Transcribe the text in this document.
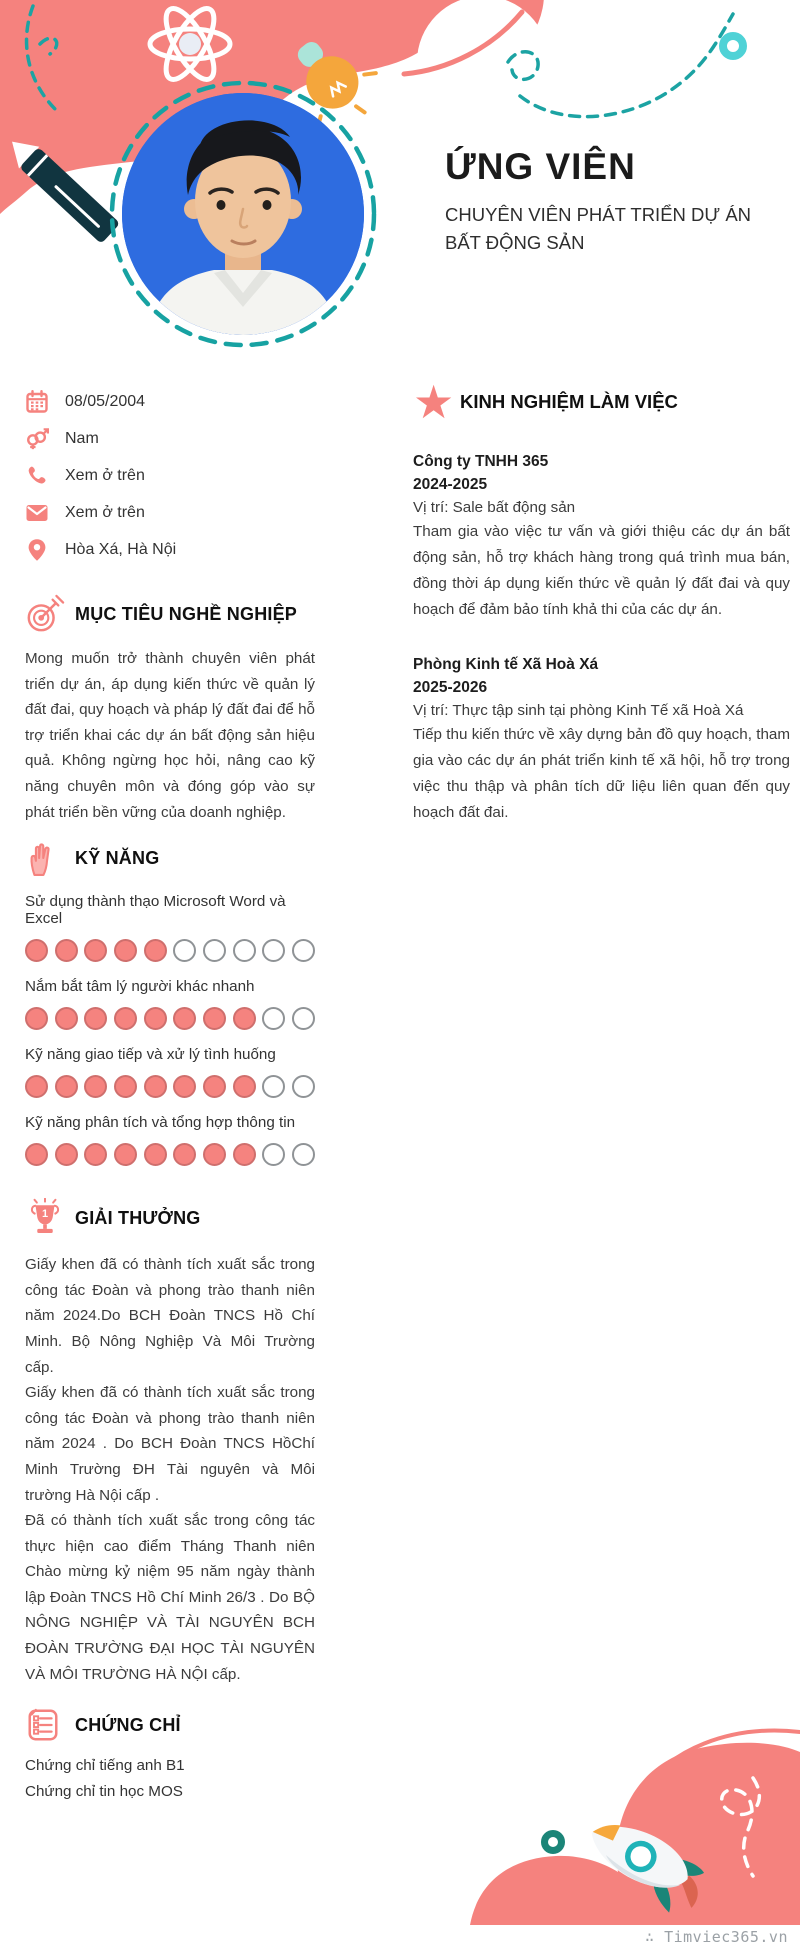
ỨNG VIÊN
CHUYÊN VIÊN PHÁT TRIỂN DỰ ÁN BẤT ĐỘNG SẢN
08/05/2004
Nam
Xem ở trên
Xem ở trên
Hòa Xá, Hà Nội
MỤC TIÊU NGHỀ NGHIỆP
Mong muốn trở thành chuyên viên phát triển dự án, áp dụng kiến thức về quản lý đất đai, quy hoạch và pháp lý đất đai để hỗ trợ triển khai các dự án bất động sản hiệu quả. Không ngừng học hỏi, nâng cao kỹ năng chuyên môn và đóng góp vào sự phát triển bền vững của doanh nghiệp.
KỸ NĂNG
Sử dụng thành thạo Microsoft Word và Excel
Nắm bắt tâm lý người khác nhanh
Kỹ năng giao tiếp và xử lý tình huống
Kỹ năng phân tích và tổng hợp thông tin
1 GIẢI THƯỞNG
Giấy khen đã có thành tích xuất sắc trong công tác Đoàn và phong trào thanh niên năm 2024.Do BCH Đoàn TNCS Hồ Chí Minh. Bộ Nông Nghiệp Và Môi Trường cấp.
Giấy khen đã có thành tích xuất sắc trong công tác Đoàn và phong trào thanh niên năm 2024 . Do BCH Đoàn TNCS HồChí Minh Trường ĐH Tài nguyên và Môi trường Hà Nội cấp .
Đã có thành tích xuất sắc trong công tác thực hiện cao điểm Tháng Thanh niên Chào mừng kỷ niệm 95 năm ngày thành lập Đoàn TNCS Hồ Chí Minh 26/3 . Do BỘ NÔNG NGHIỆP VÀ TÀI NGUYÊN BCH ĐOÀN TRƯỜNG ĐẠI HỌC TÀI NGUYÊN VÀ MÔI TRƯỜNG HÀ NỘI cấp.
CHỨNG CHỈ
Chứng chỉ tiếng anh B1
Chứng chỉ tin học MOS
★ KINH NGHIỆM LÀM VIỆC
Công ty TNHH 365
2024-2025
Vị trí: Sale bất động sản
Tham gia vào việc tư vấn và giới thiệu các dự án bất động sản, hỗ trợ khách hàng trong quá trình mua bán, đồng thời áp dụng kiến thức về quản lý đất đai và quy hoạch để đảm bảo tính khả thi của các dự án.
Phòng Kinh tế Xã Hoà Xá
2025-2026
Vị trí: Thực tập sinh tại phòng Kinh Tế xã Hoà Xá
Tiếp thu kiến thức về xây dựng bản đồ quy hoạch, tham gia vào các dự án phát triển kinh tế xã hội, hỗ trợ trong việc thu thập và phân tích dữ liệu liên quan đến quy hoạch đất đai.
∴ Timviec365.vn
